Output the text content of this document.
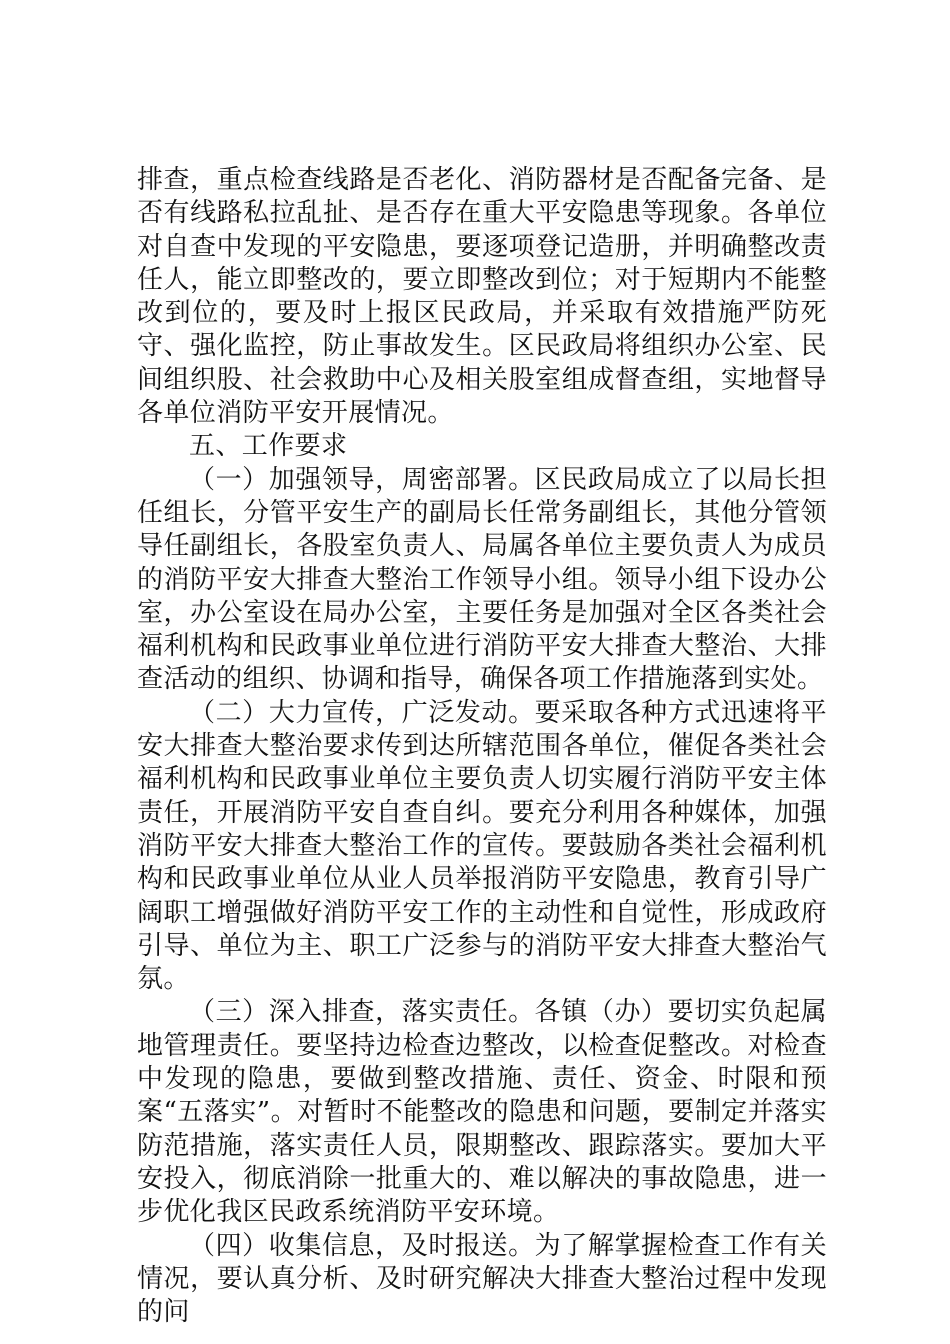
排查，重点检查线路是否老化、消防器材是否配备完备、是否有线路私拉乱扯、是否存在重大平安隐患等现象。各单位对自查中发现的平安隐患，要逐项登记造册，并明确整改责任人，能立即整改的，要立即整改到位；对于短期内不能整改到位的，要及时上报区民政局，并采取有效措施严防死守、强化监控，防止事故发生。区民政局将组织办公室、民间组织股、社会救助中心及相关股室组成督查组，实地督导各单位消防平安开展情况。

五、工作要求

（一）加强领导，周密部署。区民政局成立了以局长担任组长，分管平安生产的副局长任常务副组长，其他分管领导任副组长，各股室负责人、局属各单位主要负责人为成员的消防平安大排查大整治工作领导小组。领导小组下设办公室，办公室设在局办公室，主要任务是加强对全区各类社会福利机构和民政事业单位进行消防平安大排查大整治、大排查活动的组织、协调和指导，确保各项工作措施落到实处。

（二）大力宣传，广泛发动。要采取各种方式迅速将平安大排查大整治要求传到达所辖范围各单位，催促各类社会福利机构和民政事业单位主要负责人切实履行消防平安主体责任，开展消防平安自查自纠。要充分利用各种媒体，加强消防平安大排查大整治工作的宣传。要鼓励各类社会福利机构和民政事业单位从业人员举报消防平安隐患，教育引导广阔职工增强做好消防平安工作的主动性和自觉性，形成政府引导、单位为主、职工广泛参与的消防平安大排查大整治气氛。

（三）深入排查，落实责任。各镇（办）要切实负起属地管理责任。要坚持边检查边整改，以检查促整改。对检查中发现的隐患，要做到整改措施、责任、资金、时限和预案“五落实”。对暂时不能整改的隐患和问题，要制定并落实防范措施，落实责任人员，限期整改、跟踪落实。要加大平安投入，彻底消除一批重大的、难以解决的事故隐患，进一步优化我区民政系统消防平安环境。

（四）收集信息，及时报送。为了解掌握检查工作有关情况，要认真分析、及时研究解决大排查大整治过程中发现的问
